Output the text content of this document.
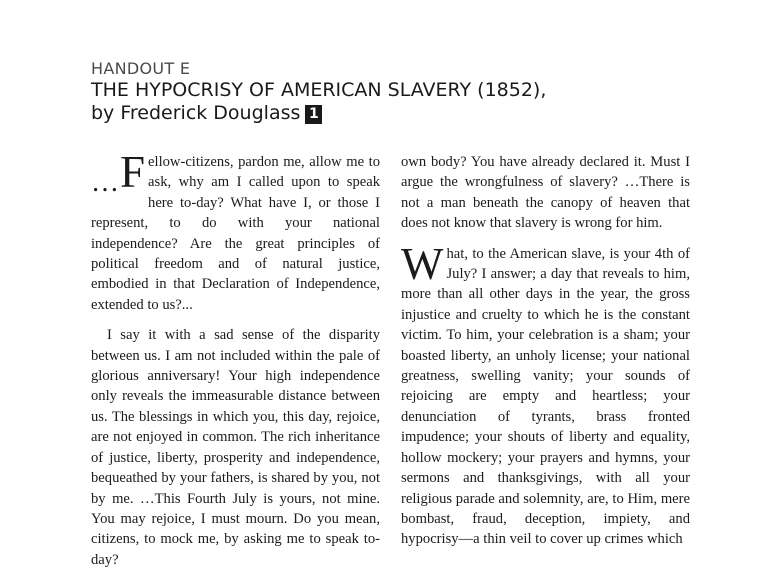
HANDOUT E
THE HYPOCRISY OF AMERICAN SLAVERY (1852),
by Frederick Douglass 1

…F ellow-citizens, pardon me, allow me to ask, why am I called upon to speak here to-day? What have I, or those I represent, to do with your national independence? Are the great principles of political freedom and of natural justice, embodied in that Declaration of Independence, extended to us?...

I say it with a sad sense of the disparity between us. I am not included within the pale of glorious anniversary! Your high independence only reveals the immeasurable distance between us. The blessings in which you, this day, rejoice, are not enjoyed in common. The rich inheritance of justice, liberty, prosperity and independence, bequeathed by your fathers, is shared by you, not by me. …This Fourth July is yours, not mine. You may rejoice, I must mourn. Do you mean, citizens, to mock me, by asking me to speak to-day?

own body? You have already declared it. Must I argue the wrongfulness of slavery? …There is not a man beneath the canopy of heaven that does not know that slavery is wrong for him.

What, to the American slave, is your 4th of July? I answer; a day that reveals to him, more than all other days in the year, the gross injustice and cruelty to which he is the constant victim. To him, your celebration is a sham; your boasted liberty, an unholy license; your national greatness, swelling vanity; your sounds of rejoicing are empty and heartless; your denunciation of tyrants, brass fronted impudence; your shouts of liberty and equality, hollow mockery; your prayers and hymns, your sermons and thanksgivings, with all your religious parade and solemnity, are, to Him, mere bombast, fraud, deception, impiety, and hypocrisy—a thin veil to cover up crimes which
